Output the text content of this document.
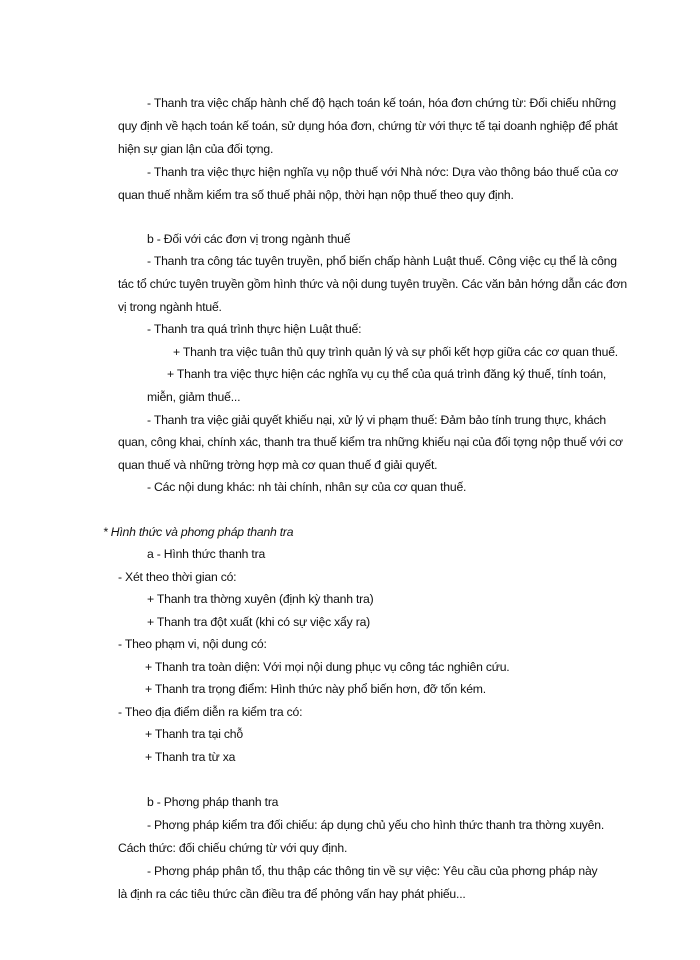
- Thanh tra việc chấp hành chế độ hạch toán kế toán, hóa đơn chứng từ: Đối chiếu những
quy định về hạch toán kế toán, sử dụng hóa đơn, chứng từ với thực tế tại doanh nghiệp để phát
hiện sự gian lận của đối tợng.
- Thanh tra việc thực hiện nghĩa vụ nộp thuế với Nhà nớc: Dựa vào thông báo thuế của cơ
quan thuế nhằm kiểm tra số thuế phải nộp, thời hạn nộp thuế theo quy định.
b - Đối với các đơn vị trong ngành thuế
- Thanh tra công tác tuyên truyền, phổ biến chấp hành Luật thuế. Công việc cụ thể là công
tác tổ chức tuyên truyền gồm hình thức và nội dung tuyên truyền. Các văn bản hớng dẫn các đơn
vị trong ngành htuế.
- Thanh tra quá trình thực hiện Luật thuế:
+ Thanh tra việc tuân thủ quy trình quản lý và sự phối kết hợp giữa các cơ quan thuế.
+ Thanh tra việc thực hiện các nghĩa vụ cụ thể của quá trình đăng ký thuế, tính toán,
miễn, giảm thuế...
- Thanh tra việc giải quyết khiếu nại, xử lý vi phạm thuế: Đảm bảo tính trung thực, khách
quan, công khai, chính xác, thanh tra thuế kiểm tra những khiếu nại của đối tợng nộp thuế với cơ
quan thuế và những trờng hợp mà cơ quan thuế đ giải quyết.
- Các nội dung khác: nh tài chính, nhân sự của cơ quan thuế.
* Hình thức và phơng pháp thanh tra
a - Hình thức thanh tra
- Xét theo thời gian có:
+ Thanh tra thờng xuyên (định kỳ thanh tra)
+ Thanh tra đột xuất (khi có sự việc xẩy ra)
- Theo phạm vi, nội dung có:
+ Thanh tra toàn diện: Với mọi nội dung phục vụ công tác nghiên cứu.
+ Thanh tra trọng điểm: Hình thức này phổ biến hơn, đỡ tốn kém.
- Theo địa điểm diễn ra kiểm tra có:
+ Thanh tra tại chỗ
+ Thanh tra từ xa
b - Phơng pháp thanh tra
- Phơng pháp kiểm tra đối chiếu: áp dụng chủ yếu cho hình thức thanh tra thờng xuyên.
Cách thức: đối chiếu chứng từ với quy định.
- Phơng pháp phân tổ, thu thập các thông tin về sự việc: Yêu cầu của phơng pháp này
là định ra các tiêu thức cần điều tra để phỏng vấn hay phát phiếu...
